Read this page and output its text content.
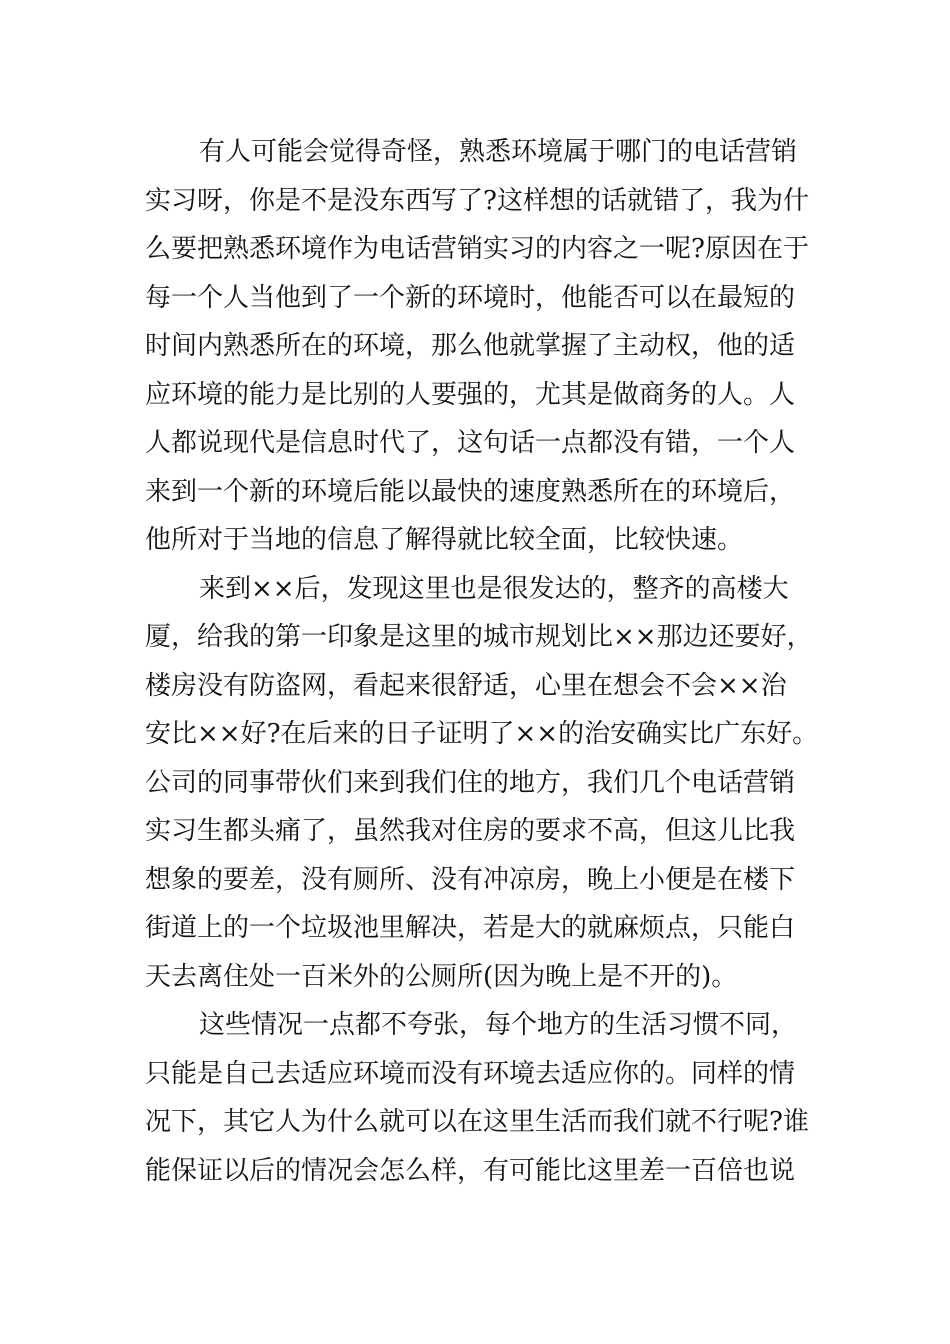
有人可能会觉得奇怪，熟悉环境属于哪门的电话营销
实习呀，你是不是没东西写了?这样想的话就错了，我为什
么要把熟悉环境作为电话营销实习的内容之一呢?原因在于
每一个人当他到了一个新的环境时，他能否可以在最短的
时间内熟悉所在的环境，那么他就掌握了主动权，他的适
应环境的能力是比别的人要强的，尤其是做商务的人。人
人都说现代是信息时代了，这句话一点都没有错，一个人
来到一个新的环境后能以最快的速度熟悉所在的环境后，
他所对于当地的信息了解得就比较全面，比较快速。
来到××后，发现这里也是很发达的，整齐的高楼大
厦，给我的第一印象是这里的城市规划比××那边还要好，
楼房没有防盗网，看起来很舒适，心里在想会不会××治
安比××好?在后来的日子证明了××的治安确实比广东好。
公司的同事带伙们来到我们住的地方，我们几个电话营销
实习生都头痛了，虽然我对住房的要求不高，但这儿比我
想象的要差，没有厕所、没有冲凉房，晚上小便是在楼下
街道上的一个垃圾池里解决，若是大的就麻烦点，只能白
天去离住处一百米外的公厕所(因为晚上是不开的)。
这些情况一点都不夸张，每个地方的生活习惯不同，
只能是自己去适应环境而没有环境去适应你的。同样的情
况下，其它人为什么就可以在这里生活而我们就不行呢?谁
能保证以后的情况会怎么样，有可能比这里差一百倍也说
